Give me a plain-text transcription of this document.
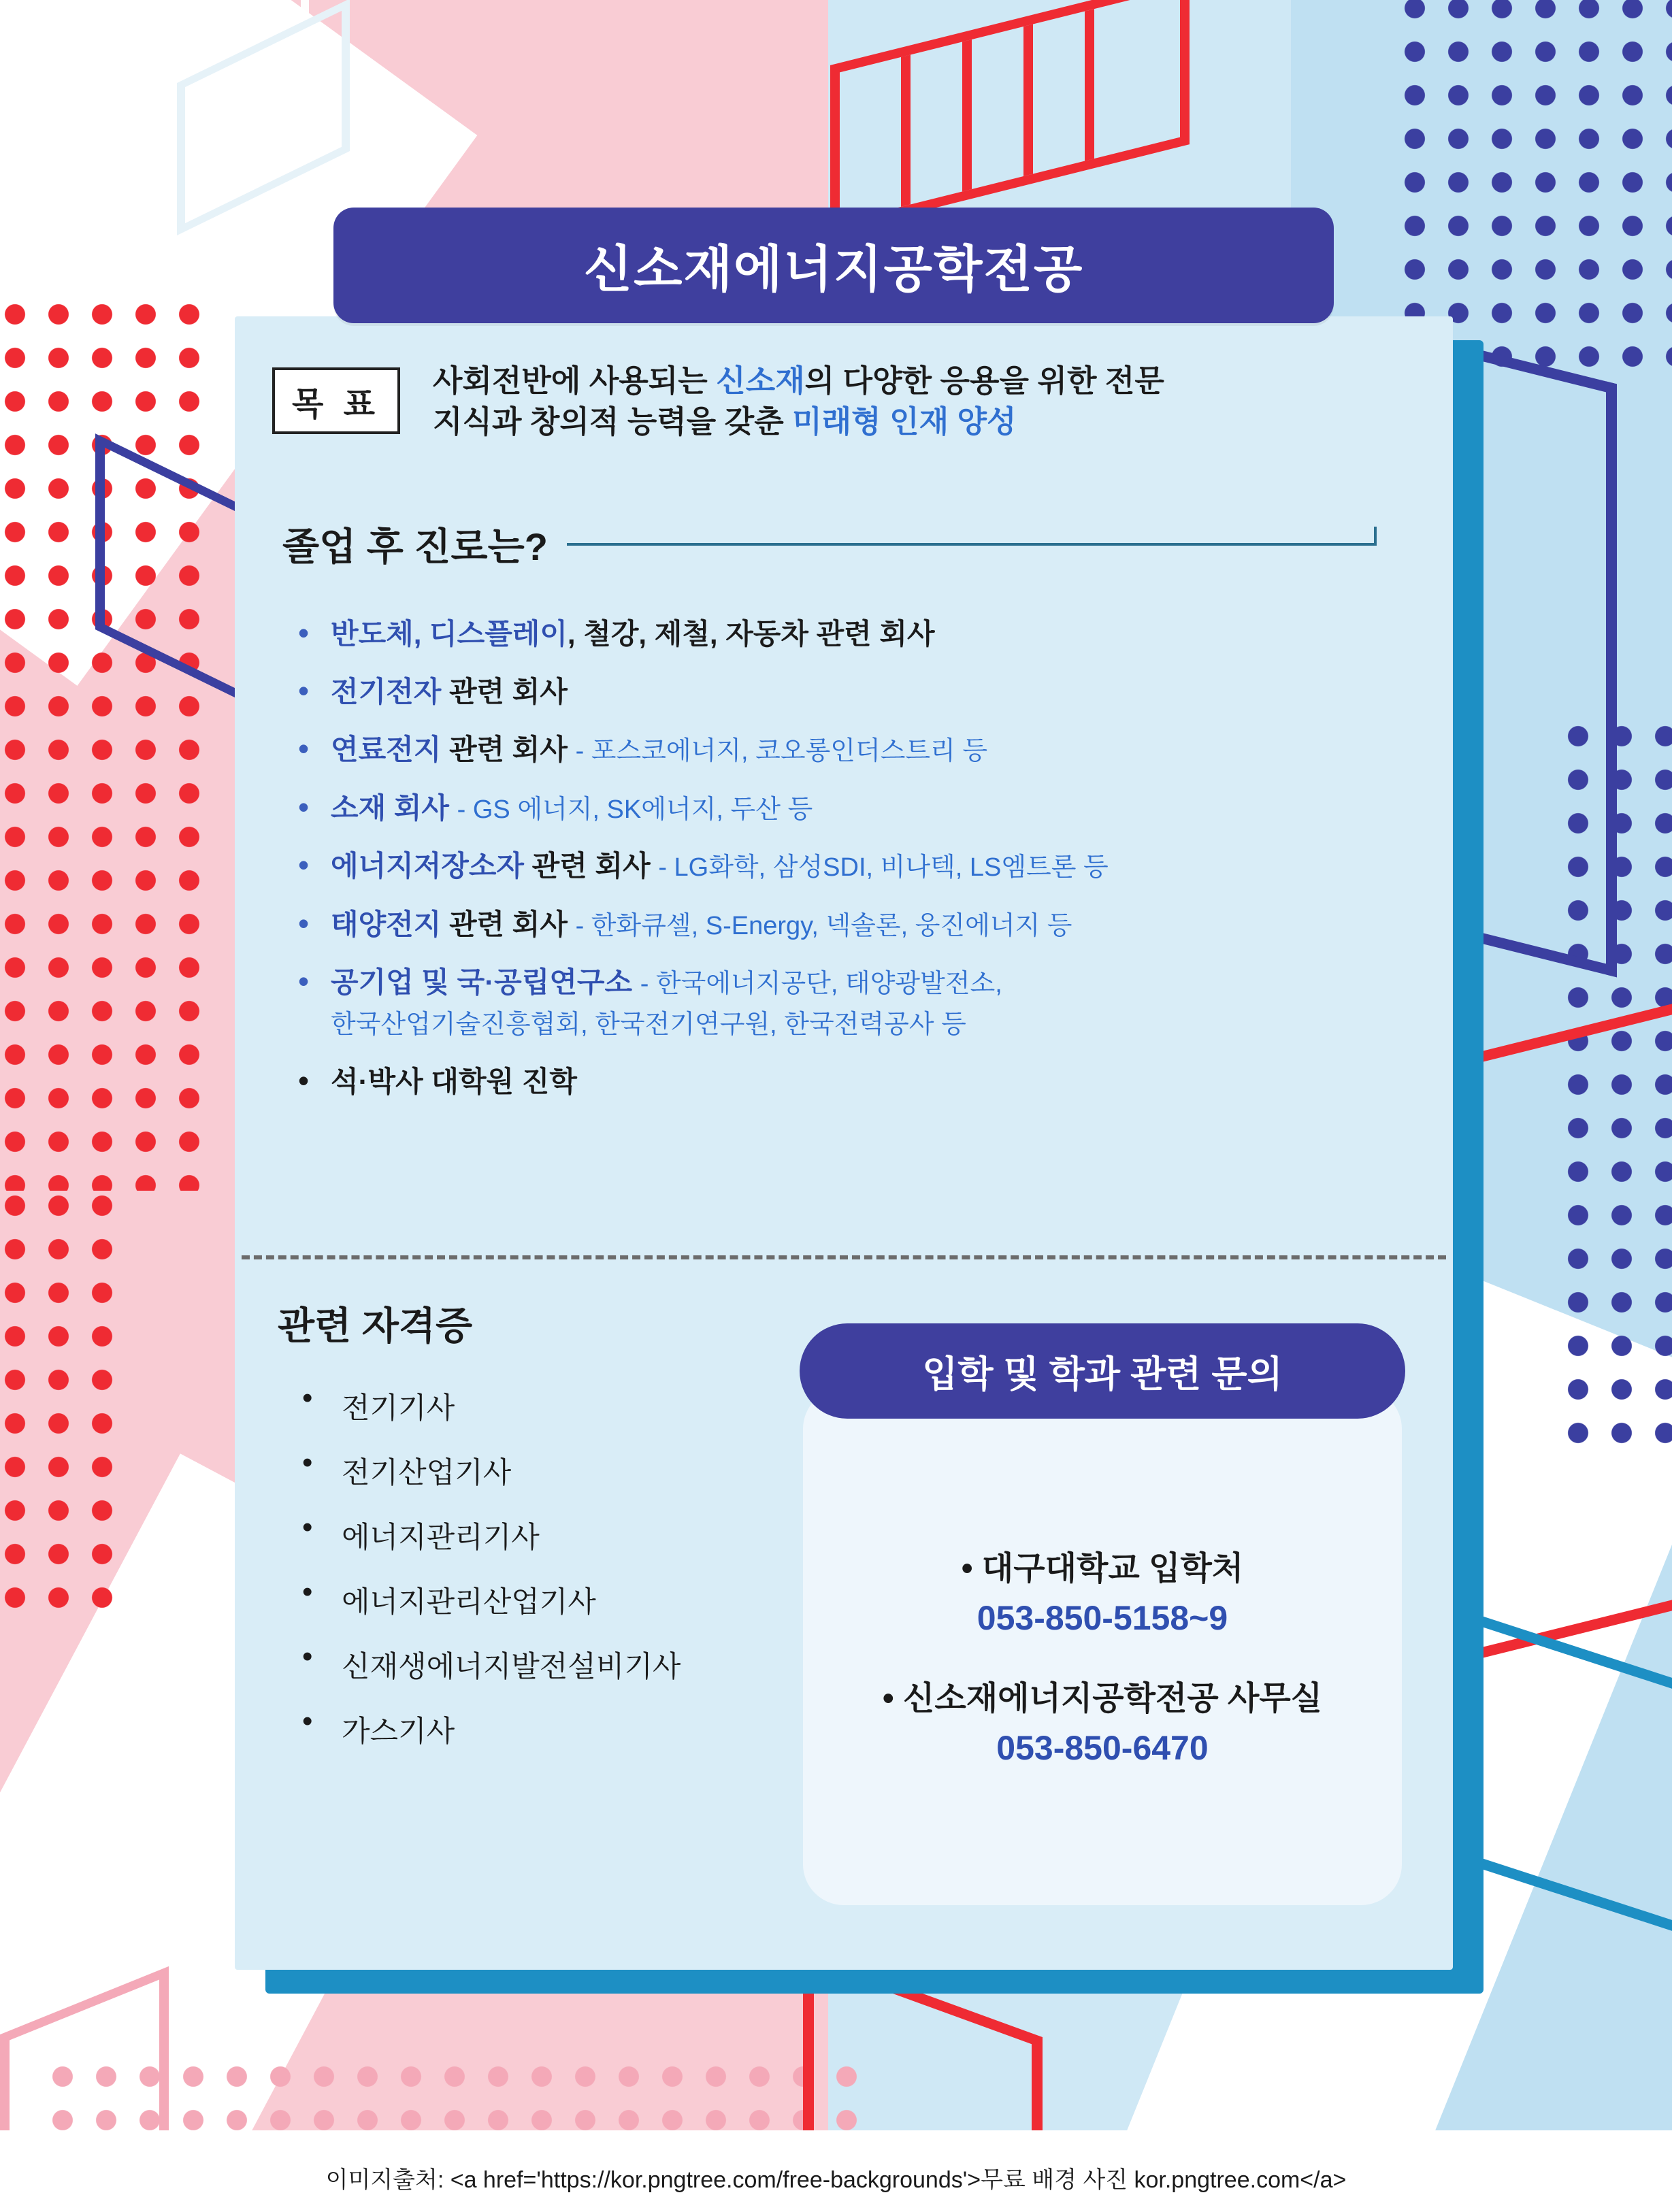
신소재에너지공학전공
목 표
사회전반에 사용되는 신소재의 다양한 응용을 위한 전문
지식과 창의적 능력을 갖춘 미래형 인재 양성
졸업 후 진로는?
• 반도체, 디스플레이, 철강, 제철, 자동차 관련 회사
• 전기전자 관련 회사
• 연료전지 관련 회사 - 포스코에너지, 코오롱인더스트리 등
• 소재 회사 - GS 에너지, SK에너지, 두산 등
• 에너지저장소자 관련 회사 - LG화학, 삼성SDI, 비나텍, LS엠트론 등
• 태양전지 관련 회사 - 한화큐셀, S-Energy, 넥솔론, 웅진에너지 등
• 공기업 및 국·공립연구소 - 한국에너지공단, 태양광발전소,
한국산업기술진흥협회, 한국전기연구원, 한국전력공사 등
• 석·박사 대학원 진학
관련 자격증
• 전기기사
• 전기산업기사
• 에너지관리기사
• 에너지관리산업기사
• 신재생에너지발전설비기사
• 가스기사
• 대구대학교 입학처
053-850-5158~9
• 신소재에너지공학전공 사무실
053-850-6470
입학 및 학과 관련 문의
이미지출처: <a href='https://kor.pngtree.com/free-backgrounds'>무료 배경 사진 kor.pngtree.com</a>
